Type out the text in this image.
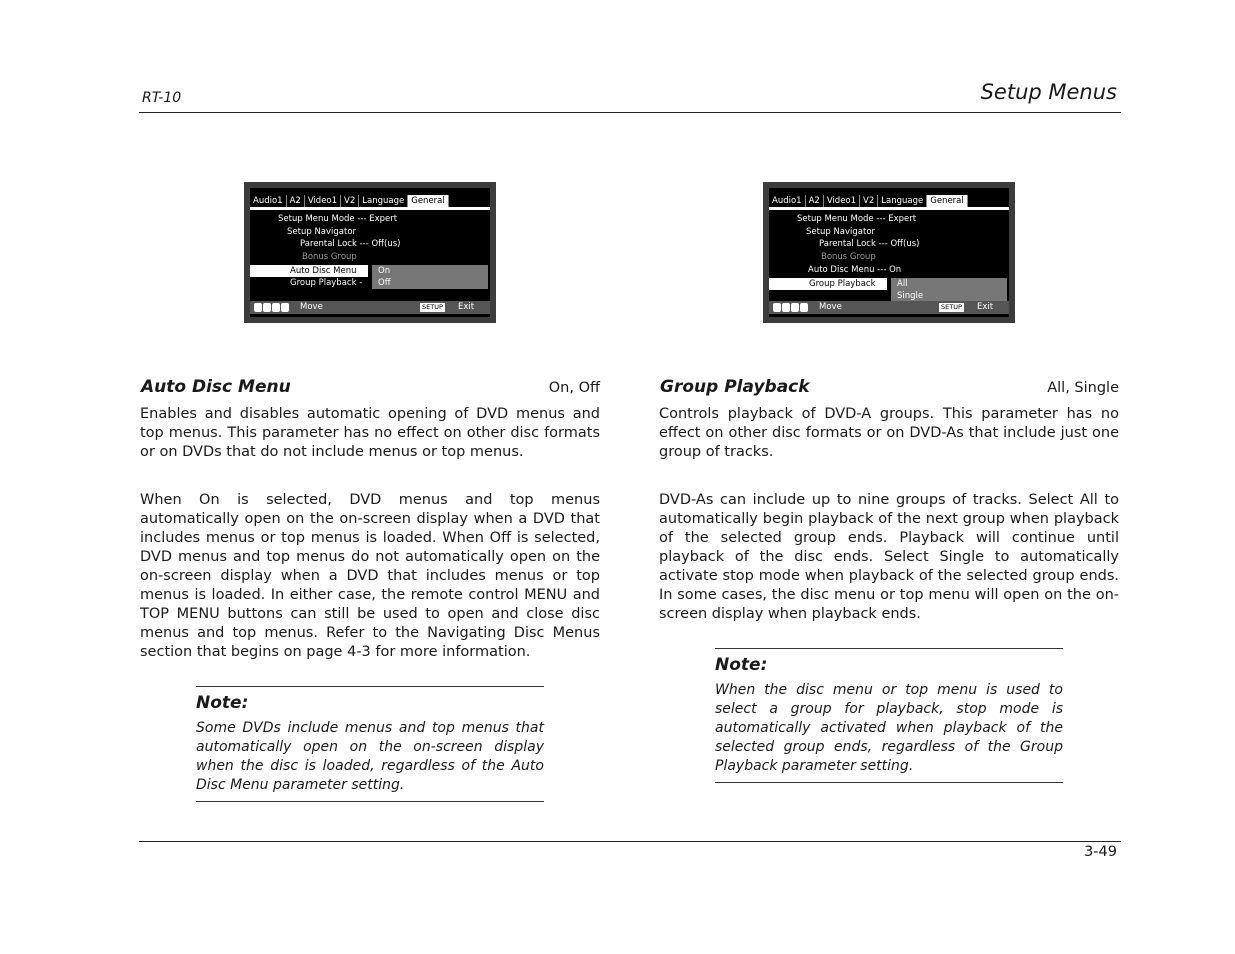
RT-10	Setup Menus
Audio1 A2 Video1 V2 Language General
Setup Menu Mode --- Expert
Setup Navigator
Parental Lock --- Off(us)
Bonus Group
Auto Disc Menu
Group Playback -
On
Off
Move	SETUP Exit
Audio1 A2 Video1 V2 Language General
Setup Menu Mode --- Expert
Setup Navigator
Parental Lock --- Off(us)
Bonus Group
Auto Disc Menu --- On
Group Playback	All
Single
Move	SETUP Exit
Auto Disc Menu	On, Off
Enables and disables automatic opening of DVD menus and top menus. This parameter has no effect on other disc formats or on DVDs that do not include menus or top menus.
When On is selected, DVD menus and top menus automatically open on the on-screen display when a DVD that includes menus or top menus is loaded. When Off is selected, DVD menus and top menus do not automatically open on the on-screen display when a DVD that includes menus or top menus is loaded. In either case, the remote control MENU and TOP MENU buttons can still be used to open and close disc menus and top menus. Refer to the Navigating Disc Menus section that begins on page 4-3 for more information.
Note:
Some DVDs include menus and top menus that automatically open on the on-screen display when the disc is loaded, regardless of the Auto Disc Menu parameter setting.
Group Playback	All, Single
Controls playback of DVD-A groups. This parameter has no effect on other disc formats or on DVD-As that include just one group of tracks.
DVD-As can include up to nine groups of tracks. Select All to automatically begin playback of the next group when playback of the selected group ends. Playback will continue until playback of the disc ends. Select Single to automatically activate stop mode when playback of the selected group ends. In some cases, the disc menu or top menu will open on the on-screen display when playback ends.
Note:
When the disc menu or top menu is used to select a group for playback, stop mode is automatically activated when playback of the selected group ends, regardless of the Group Playback parameter setting.
3-49
